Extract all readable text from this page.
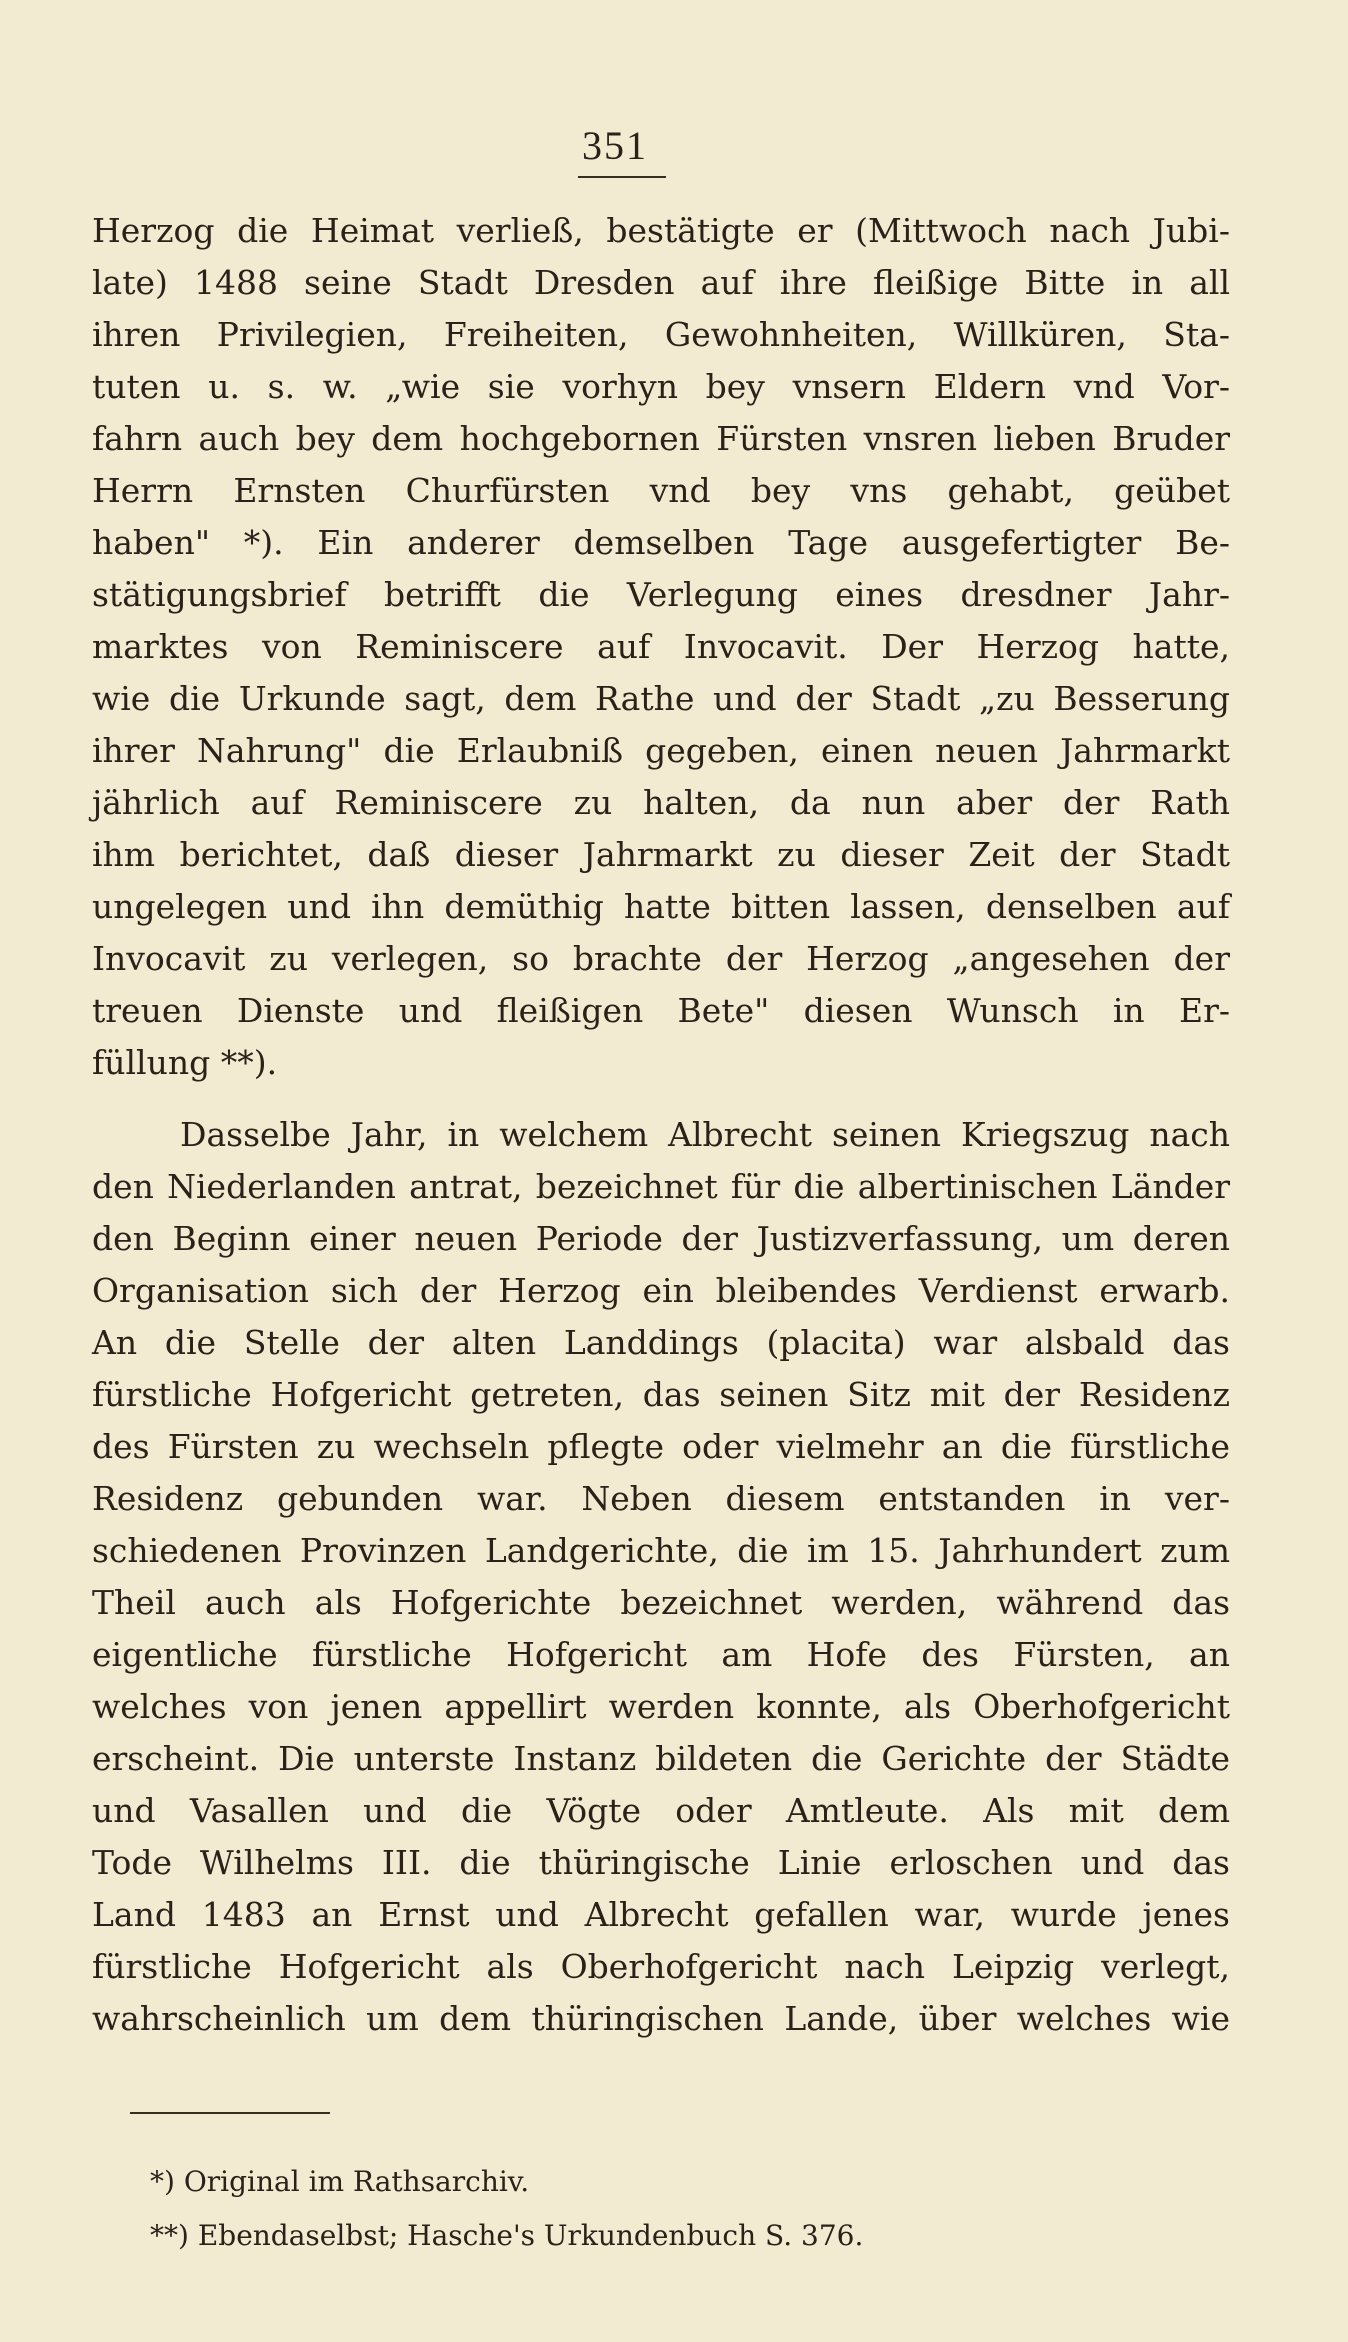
351
Herzog die Heimat verließ, bestätigte er (Mittwoch nach Jubi-
late) 1488 seine Stadt Dresden auf ihre fleißige Bitte in all
ihren Privilegien, Freiheiten, Gewohnheiten, Willküren, Sta-
tuten u. s. w. „wie sie vorhyn bey vnsern Eldern vnd Vor-
fahrn auch bey dem hochgebornen Fürsten vnsren lieben Bruder
Herrn Ernsten Churfürsten vnd bey vns gehabt, geübet
haben" *). Ein anderer demselben Tage ausgefertigter Be-
stätigungsbrief betrifft die Verlegung eines dresdner Jahr-
marktes von Reminiscere auf Invocavit. Der Herzog hatte,
wie die Urkunde sagt, dem Rathe und der Stadt „zu Besserung
ihrer Nahrung" die Erlaubniß gegeben, einen neuen Jahrmarkt
jährlich auf Reminiscere zu halten, da nun aber der Rath
ihm berichtet, daß dieser Jahrmarkt zu dieser Zeit der Stadt
ungelegen und ihn demüthig hatte bitten lassen, denselben auf
Invocavit zu verlegen, so brachte der Herzog „angesehen der
treuen Dienste und fleißigen Bete" diesen Wunsch in Er-
füllung **).
Dasselbe Jahr, in welchem Albrecht seinen Kriegszug nach
den Niederlanden antrat, bezeichnet für die albertinischen Länder
den Beginn einer neuen Periode der Justizverfassung, um deren
Organisation sich der Herzog ein bleibendes Verdienst erwarb.
An die Stelle der alten Landdings (placita) war alsbald das
fürstliche Hofgericht getreten, das seinen Sitz mit der Residenz
des Fürsten zu wechseln pflegte oder vielmehr an die fürstliche
Residenz gebunden war. Neben diesem entstanden in ver-
schiedenen Provinzen Landgerichte, die im 15. Jahrhundert zum
Theil auch als Hofgerichte bezeichnet werden, während das
eigentliche fürstliche Hofgericht am Hofe des Fürsten, an
welches von jenen appellirt werden konnte, als Oberhofgericht
erscheint. Die unterste Instanz bildeten die Gerichte der Städte
und Vasallen und die Vögte oder Amtleute. Als mit dem
Tode Wilhelms III. die thüringische Linie erloschen und das
Land 1483 an Ernst und Albrecht gefallen war, wurde jenes
fürstliche Hofgericht als Oberhofgericht nach Leipzig verlegt,
wahrscheinlich um dem thüringischen Lande, über welches wie
*) Original im Rathsarchiv.
**) Ebendaselbst; Hasche's Urkundenbuch S. 376.
